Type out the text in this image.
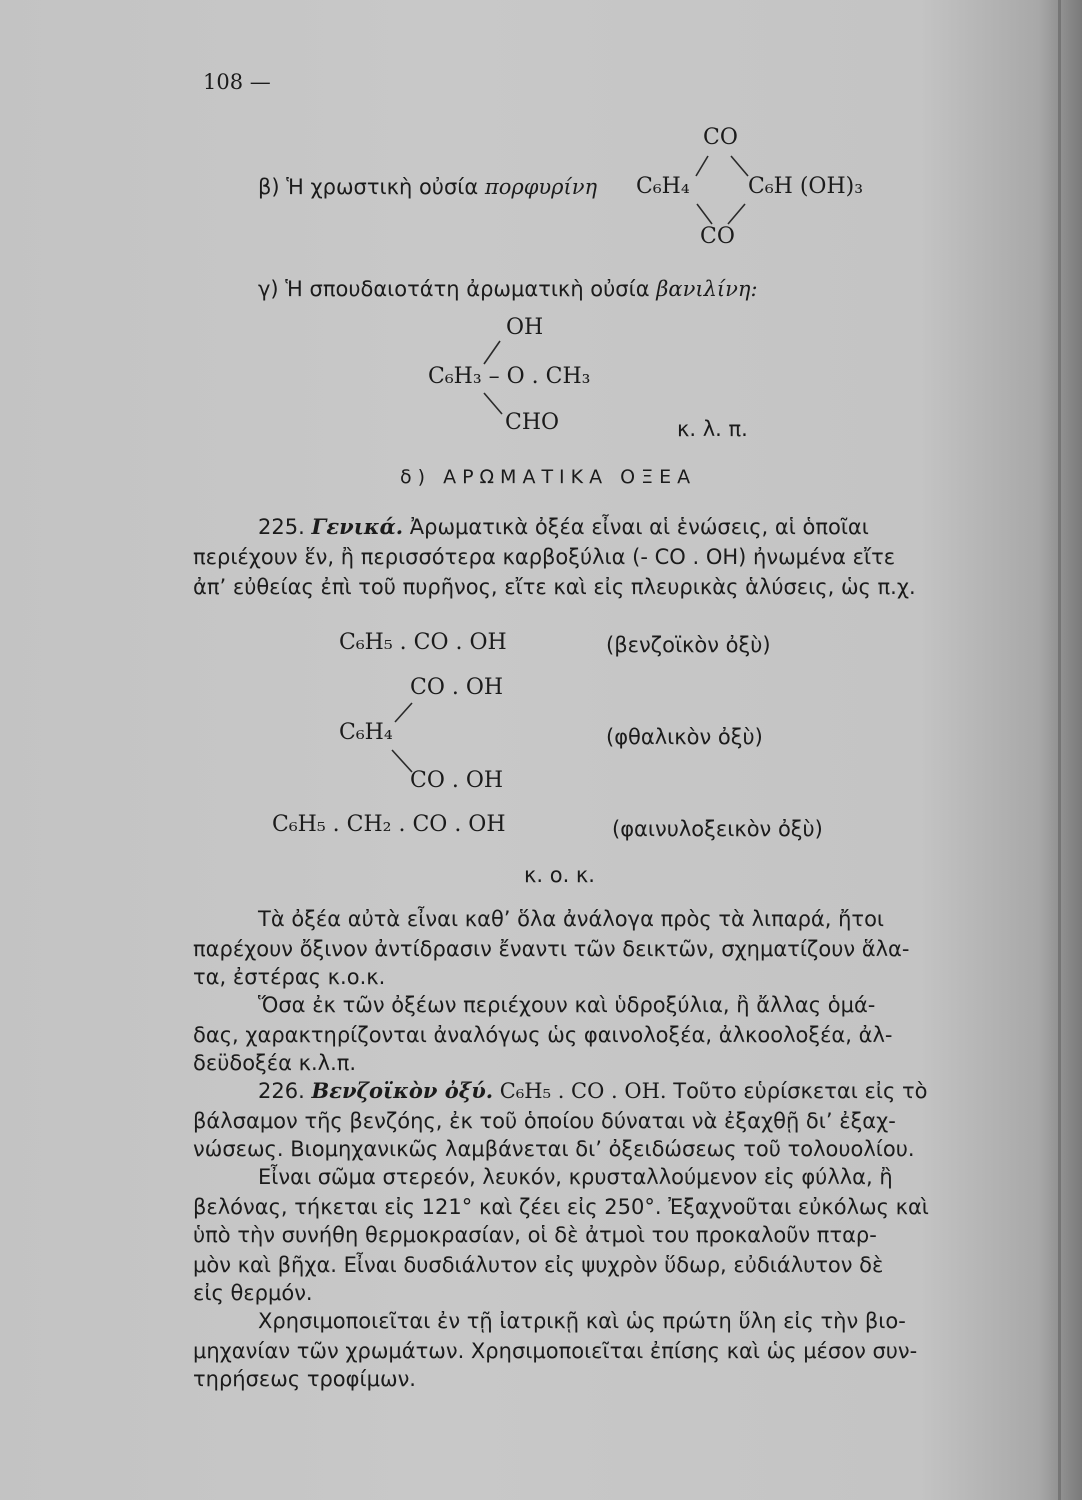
108 —
CO
β) Ἡ χρωστικὴ οὐσία πορφυρίνη C₆H₄	C₆H (OH)₃
CO
γ) Ἡ σπουδαιοτάτη ἀρωματικὴ οὐσία βανιλίνη:
OH
C₆H₃ – O . CH₃
CHO	κ. λ. π.
δ) ΑΡΩΜΑΤΙΚΑ ΟΞΕΑ
225. Γενικά. Ἀρωματικὰ ὀξέα εἶναι αἱ ἑνώσεις, αἱ ὁποῖαι
περιέχουν ἕν, ἢ περισσότερα καρβοξύλια (- CO . OH) ἠνωμένα εἴτε
ἀπ’ εὐθείας ἐπὶ τοῦ πυρῆνος, εἴτε καὶ εἰς πλευρικὰς ἁλύσεις, ὡς π.χ.
C₆H₅ . CO . OH	(βενζοϊκὸν ὀξὺ)
CO . OH
C₆H₄	(φθαλικὸν ὀξὺ)
CO . OH
C₆H₅ . CH₂ . CO . OH	(φαινυλοξεικὸν ὀξὺ)
κ. ο. κ.
Τὰ ὀξέα αὐτὰ εἶναι καθ’ ὅλα ἀνάλογα πρὸς τὰ λιπαρά, ἤτοι
παρέχουν ὄξινον ἀντίδρασιν ἔναντι τῶν δεικτῶν, σχηματίζουν ἅλα-
τα, ἐστέρας κ.ο.κ.
Ὅσα ἐκ τῶν ὀξέων περιέχουν καὶ ὑδροξύλια, ἢ ἄλλας ὁμά-
δας, χαρακτηρίζονται ἀναλόγως ὡς φαινολοξέα, ἀλκοολοξέα, ἀλ-
δεϋδοξέα κ.λ.π.
226. Βενζοϊκὸν ὀξύ. C₆H₅ . CO . OH. Τοῦτο εὑρίσκεται εἰς τὸ
βάλσαμον τῆς βενζόης, ἐκ τοῦ ὁποίου δύναται νὰ ἐξαχθῇ δι’ ἐξαχ-
νώσεως. Βιομηχανικῶς λαμβάνεται δι’ ὀξειδώσεως τοῦ τολουολίου.
Εἶναι σῶμα στερεόν, λευκόν, κρυσταλλούμενον εἰς φύλλα, ἢ
βελόνας, τήκεται εἰς 121° καὶ ζέει εἰς 250°. Ἐξαχνοῦται εὐκόλως καὶ
ὑπὸ τὴν συνήθη θερμοκρασίαν, οἱ δὲ ἀτμοὶ του προκαλοῦν πταρ-
μὸν καὶ βῆχα. Εἶναι δυσδιάλυτον εἰς ψυχρὸν ὕδωρ, εὐδιάλυτον δὲ
εἰς θερμόν.
Χρησιμοποιεῖται ἐν τῇ ἰατρικῇ καὶ ὡς πρώτη ὕλη εἰς τὴν βιο-
μηχανίαν τῶν χρωμάτων. Χρησιμοποιεῖται ἐπίσης καὶ ὡς μέσον συν-
τηρήσεως τροφίμων.
